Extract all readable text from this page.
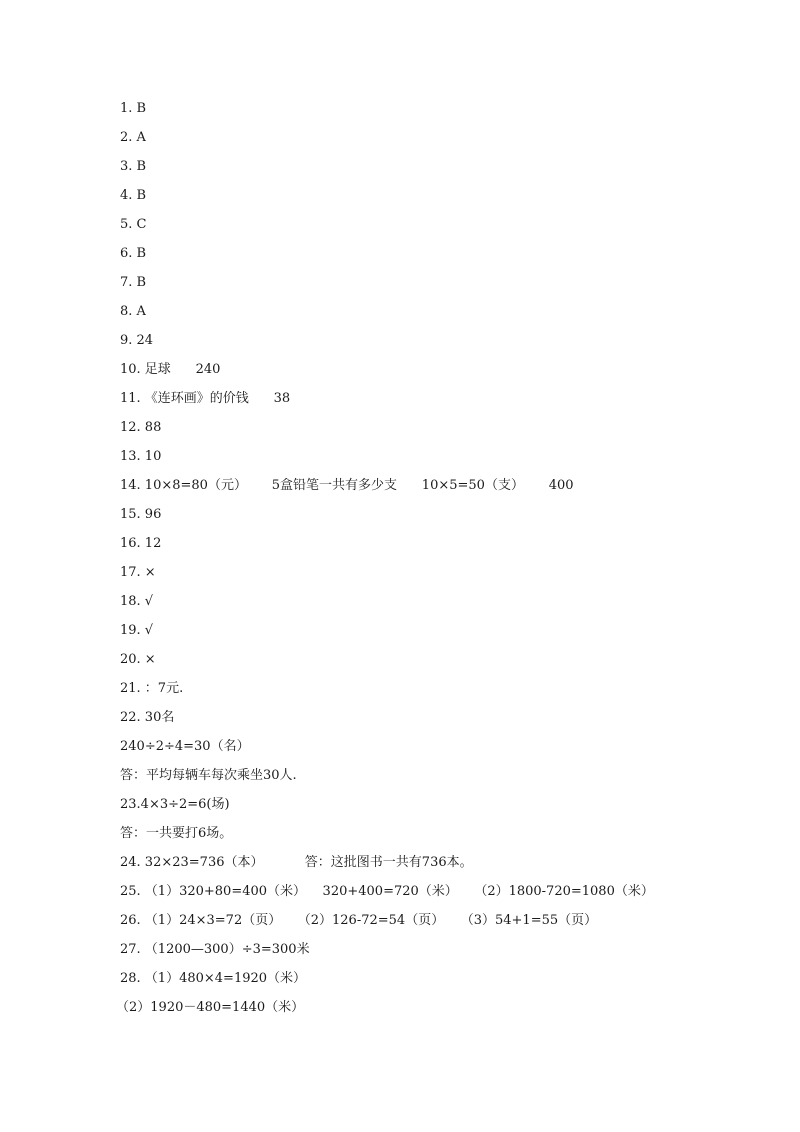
1. B
2. A
3. B
4. B
5. C
6. B
7. B
8. A
9. 24
10. 足球      240
11. 《连环画》的价钱      38
12. 88
13. 10
14. 10×8=80（元）      5盒铅笔一共有多少支      10×5=50（支）      400
15. 96
16. 12
17. ×
18. √
19. √
20. ×
21. ：7元.
22. 30名
240÷2÷4=30（名）
答：平均每辆车每次乘坐30人.
23.4×3÷2=6(场)
答：一共要打6场。
24. 32×23=736（本）          答：这批图书一共有736本。
25. （1）320+80=400（米）    320+400=720（米）    （2）1800-720=1080（米）
26. （1）24×3=72（页）    （2）126-72=54（页）    （3）54+1=55（页）
27. （1200—300）÷3=300米
28. （1）480×4=1920（米）
（2）1920－480=1440（米）
